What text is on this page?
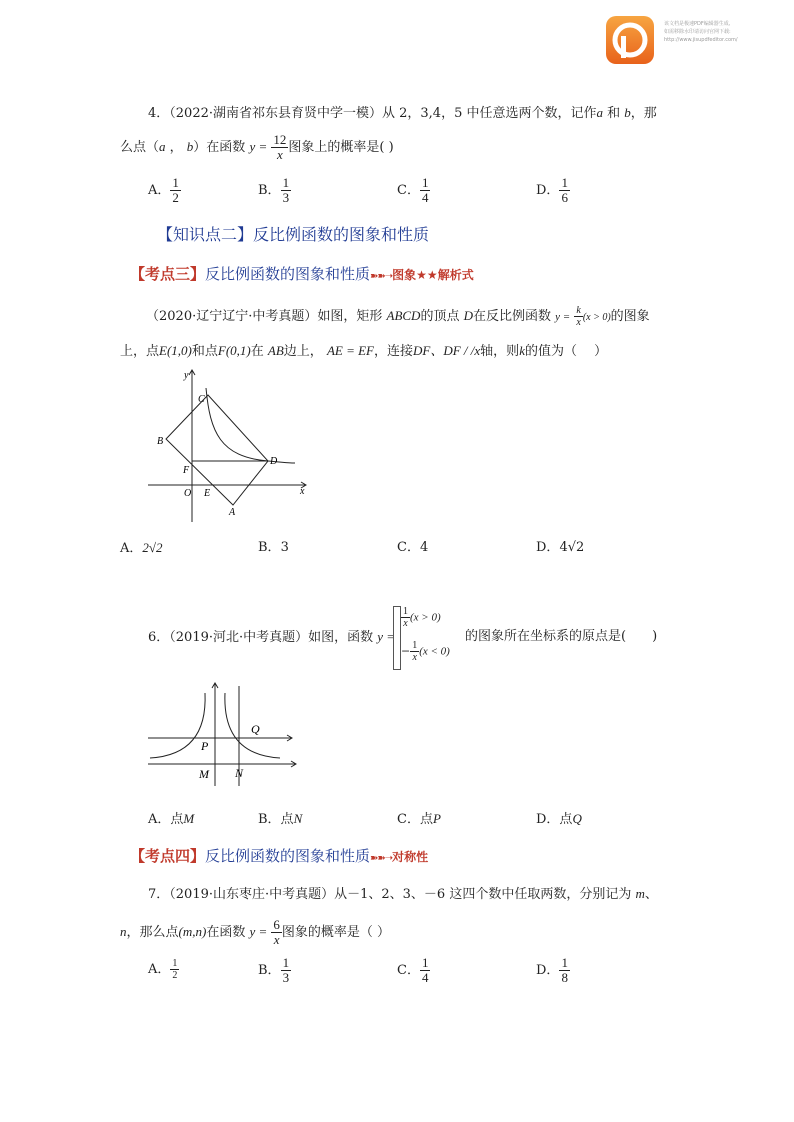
该文档是极速PDF编辑器生成,
如需移除水印请访问官网下载:
http://www.jisupdfeditor.com/
4．（2022·湖南省祁东县育贤中学一模）从 2，3,4，5 中任意选两个数，记作a 和 b，那
么点（a ， b）在函数 $y = \frac{12}{x}$ 图象上的概率是( )
A． $\frac{1}{2}$	B． $\frac{1}{3}$	C． $\frac{1}{4}$	D． $\frac{1}{6}$
【知识点二】反比例函数的图象和性质
【考点三】反比例函数的图象和性质➽➽➝图象★★解析式
（2020·辽宁辽宁·中考真题）如图，矩形 ABCD的顶点 D在反比例函数 $y = \frac{k}{x} (x > 0)$的图象
上，点E(1,0)和点F(0,1)在 AB边上， AE = EF，连接DF、DF / /x轴，则k的值为（　 ）
C
B
D
F
O E
A
y
x
A．2√2	B．3	C．4	D．4√2
6．（2019·河北·中考真题）如图，函数 y =
$\frac{1}{x} (x > 0)$
− $\frac{1}{x} (x < 0)$
的图象所在坐标系的原点是(　　)
Q
P
M N
A．点M	B．点N	C．点P	D．点Q
【考点四】反比例函数的图象和性质➽➽➝对称性
7．（2019·山东枣庄·中考真题）从－1、2、3、－6 这四个数中任取两数，分别记为 m、
n，那么点(m,n)在函数 $y = \frac{6}{x}$ 图象的概率是（ ）
A． $\frac{1}{2}$	B． $\frac{1}{3}$	C． $\frac{1}{4}$	D． $\frac{1}{8}$
